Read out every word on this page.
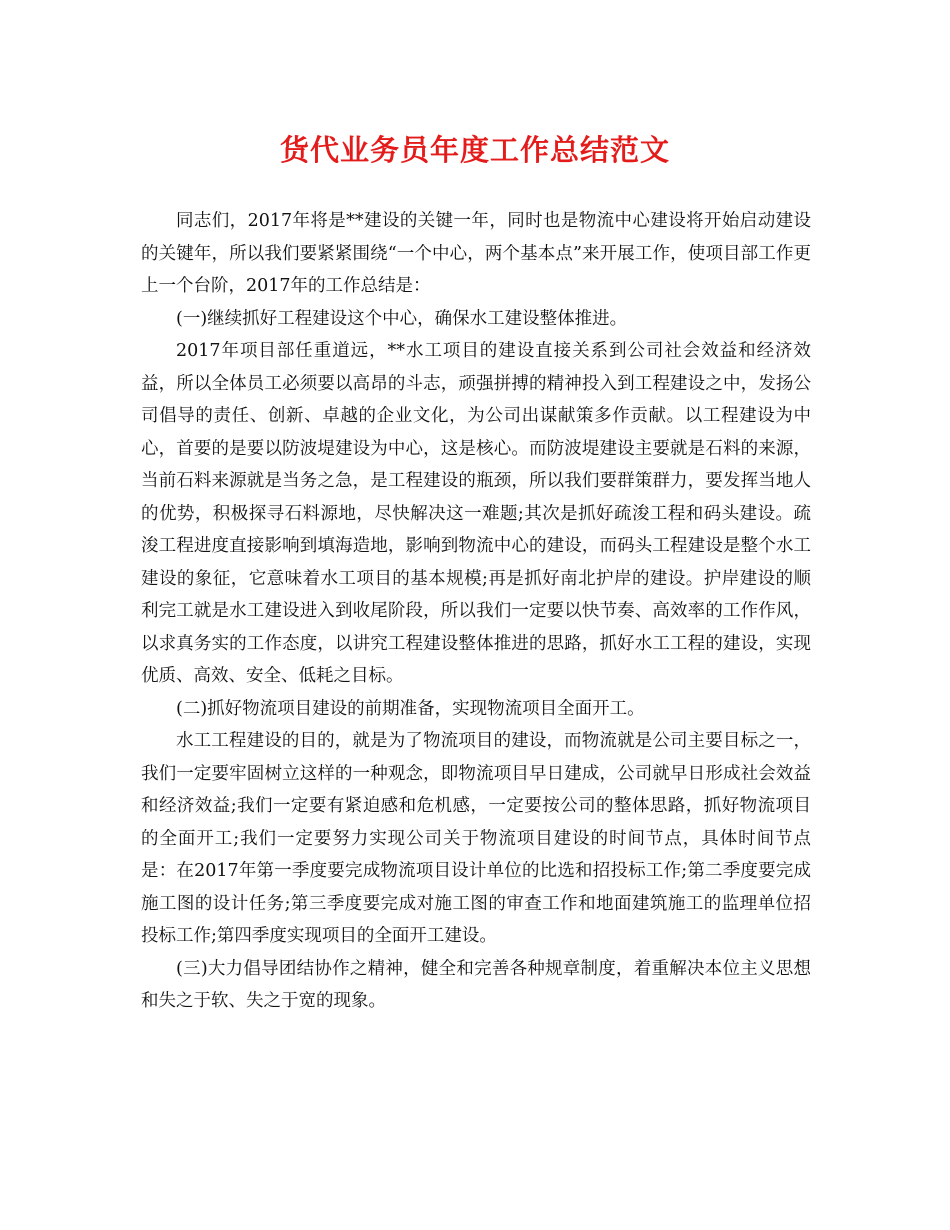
货代业务员年度工作总结范文

同志们，2017年将是**建设的关键一年，同时也是物流中心建设将开始启动建设的关键年，所以我们要紧紧围绕“一个中心，两个基本点”来开展工作，使项目部工作更上一个台阶，2017年的工作总结是：

(一)继续抓好工程建设这个中心，确保水工建设整体推进。

2017年项目部任重道远，**水工项目的建设直接关系到公司社会效益和经济效益，所以全体员工必须要以高昂的斗志，顽强拼搏的精神投入到工程建设之中，发扬公司倡导的责任、创新、卓越的企业文化，为公司出谋献策多作贡献。以工程建设为中心，首要的是要以防波堤建设为中心，这是核心。而防波堤建设主要就是石料的来源，当前石料来源就是当务之急，是工程建设的瓶颈，所以我们要群策群力，要发挥当地人的优势，积极探寻石料源地，尽快解决这一难题;其次是抓好疏浚工程和码头建设。疏浚工程进度直接影响到填海造地，影响到物流中心的建设，而码头工程建设是整个水工建设的象征，它意味着水工项目的基本规模;再是抓好南北护岸的建设。护岸建设的顺利完工就是水工建设进入到收尾阶段，所以我们一定要以快节奏、高效率的工作作风，以求真务实的工作态度，以讲究工程建设整体推进的思路，抓好水工工程的建设，实现优质、高效、安全、低耗之目标。

(二)抓好物流项目建设的前期准备，实现物流项目全面开工。

水工工程建设的目的，就是为了物流项目的建设，而物流就是公司主要目标之一，我们一定要牢固树立这样的一种观念，即物流项目早日建成，公司就早日形成社会效益和经济效益;我们一定要有紧迫感和危机感，一定要按公司的整体思路，抓好物流项目的全面开工;我们一定要努力实现公司关于物流项目建设的时间节点，具体时间节点是：在2017年第一季度要完成物流项目设计单位的比选和招投标工作;第二季度要完成施工图的设计任务;第三季度要完成对施工图的审查工作和地面建筑施工的监理单位招投标工作;第四季度实现项目的全面开工建设。

(三)大力倡导团结协作之精神，健全和完善各种规章制度，着重解决本位主义思想和失之于软、失之于宽的现象。
